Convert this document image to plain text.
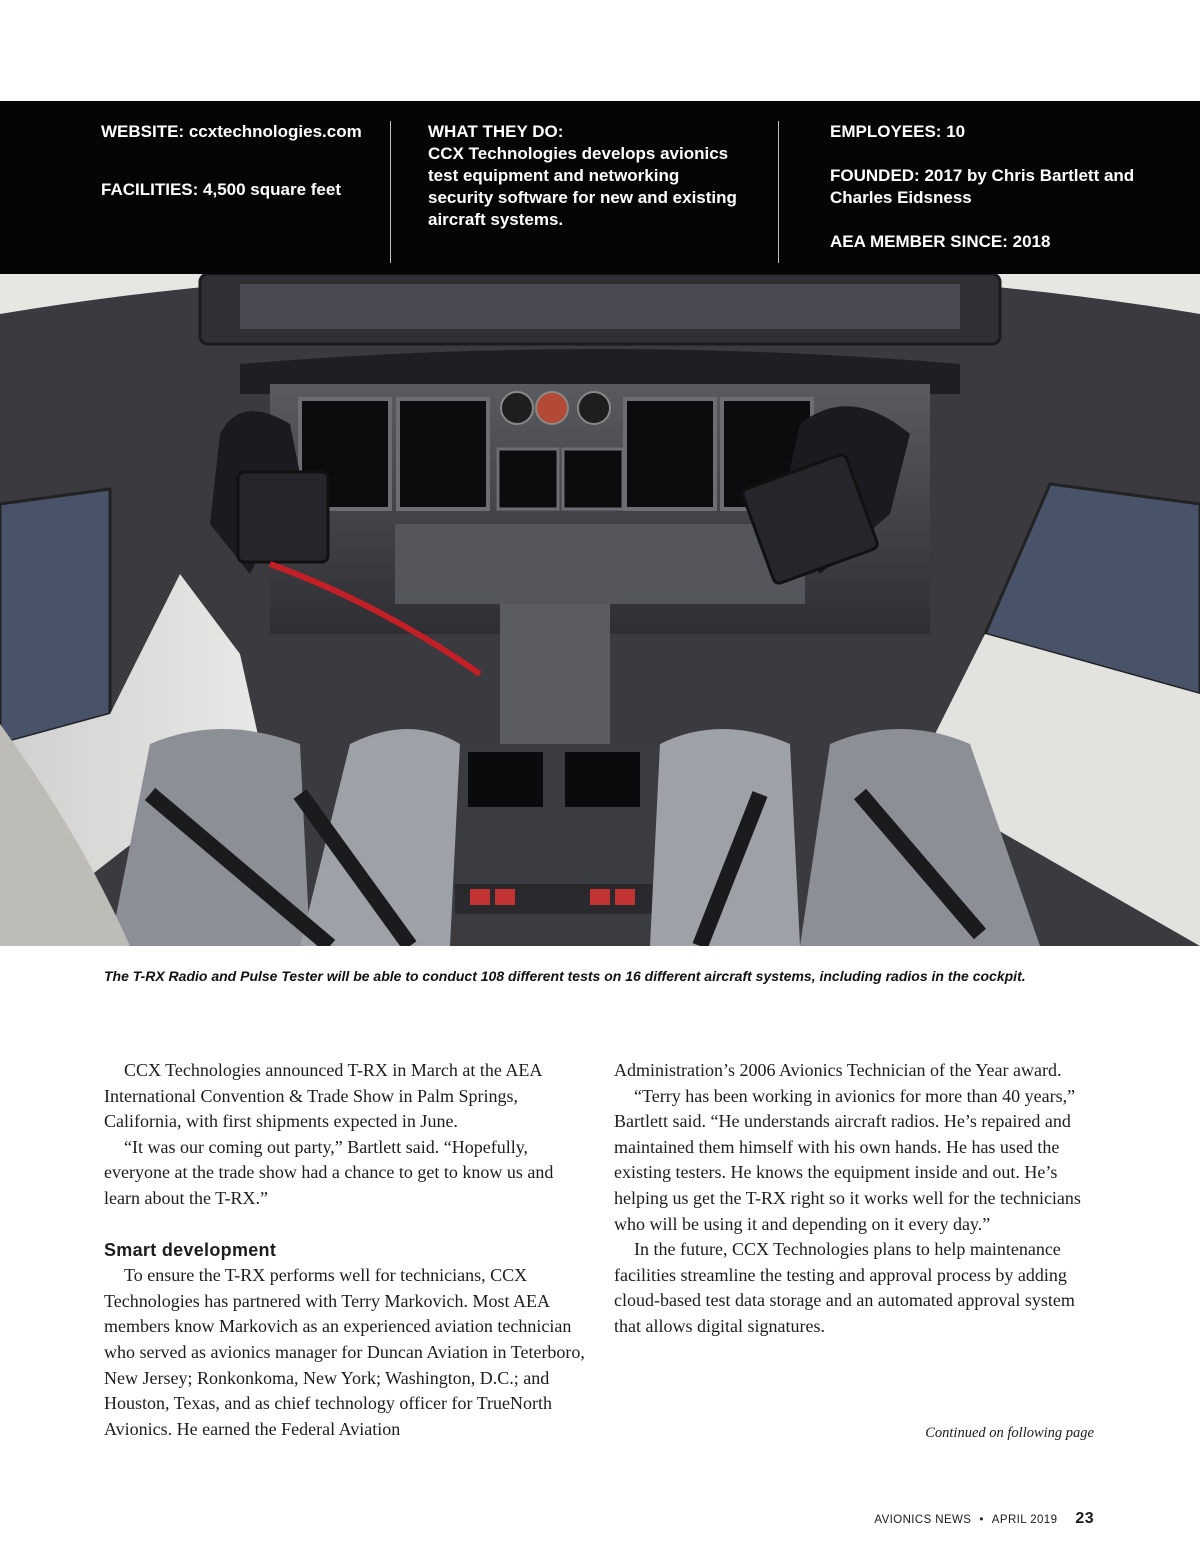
WEBSITE: ccxtechnologies.com
FACILITIES: 4,500 square feet
WHAT THEY DO:
CCX Technologies develops avionics test equipment and networking security software for new and existing aircraft systems.
EMPLOYEES: 10
FOUNDED: 2017 by Chris Bartlett and Charles Eidsness
AEA MEMBER SINCE: 2018
The T-RX Radio and Pulse Tester will be able to conduct 108 different tests on 16 different aircraft systems, including radios in the cockpit.

CCX Technologies announced T-RX in March at the AEA International Convention & Trade Show in Palm Springs, California, with first shipments expected in June.

“It was our coming out party,” Bartlett said. “Hopefully, everyone at the trade show had a chance to get to know us and learn about the T-RX.”

Smart development

To ensure the T-RX performs well for technicians, CCX Technologies has partnered with Terry Markovich. Most AEA members know Markovich as an experienced aviation technician who served as avionics manager for Duncan Aviation in Teterboro, New Jersey; Ronkonkoma, New York; Washington, D.C.; and Houston, Texas, and as chief technology officer for TrueNorth Avionics. He earned the Federal Aviation

Administration’s 2006 Avionics Technician of the Year award.

“Terry has been working in avionics for more than 40 years,” Bartlett said. “He understands aircraft radios. He’s repaired and maintained them himself with his own hands. He has used the existing testers. He knows the equipment inside and out. He’s helping us get the T-RX right so it works well for the technicians who will be using it and depending on it every day.”

In the future, CCX Technologies plans to help maintenance facilities streamline the testing and approval process by adding cloud-based test data storage and an automated approval system that allows digital signatures.

Continued on following page
AVIONICS NEWS • APRIL 2019 23
